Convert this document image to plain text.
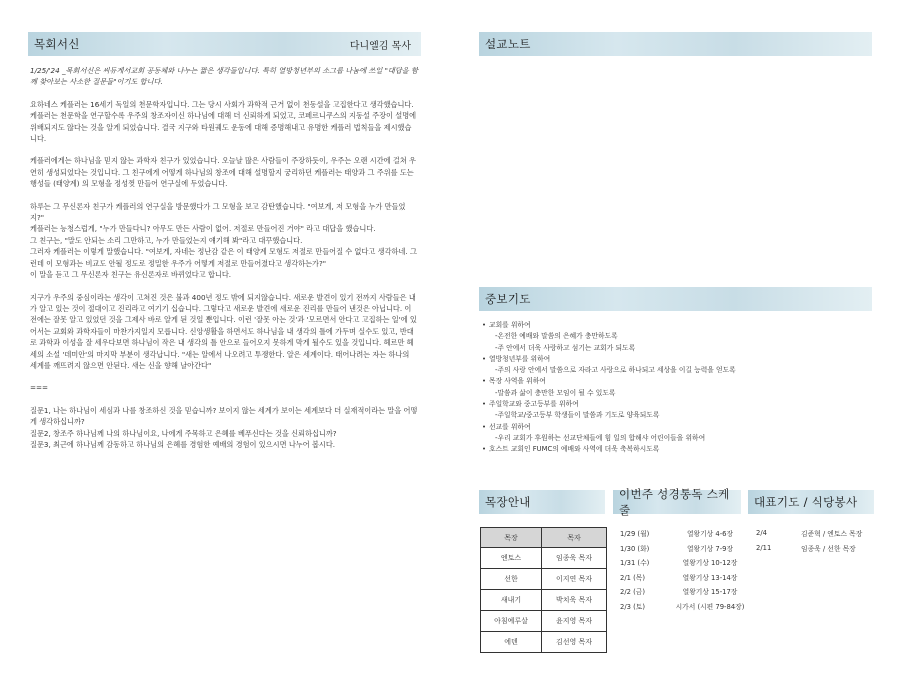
목회서신	다니엘김 목사

1/25/'24 _목회서신은 씨듀게서교회 공동체와 나누는 짧은 생각들입니다. 특히 열방청년부의 소그룹 나눔에 쓰일 "대답을 함께 찾아보는 사소한 질문들"이기도 합니다.

요하네스 케플러는 16세기 독일의 천문학자입니다. 그는 당시 사회가 과학적 근거 없이 천동설을 고집한다고 생각했습니다. 케플러는 천문학을 연구할수록 우주의 창조자이신 하나님에 대해 더 신뢰하게 되었고, 코페르니쿠스의 지동설 주장이 설명에 위배되지도 않다는 것을 알게 되었습니다. 결국 지구와 타원궤도 운동에 대해 증명해내고 유명한 케플러 법칙들을 제시했습니다.

케플러에게는 하나님을 믿지 않는 과학자 친구가 있었습니다. 오늘날 많은 사람들이 주장하듯이, 우주는 오랜 시간에 걸쳐 우연히 생성되었다는 것입니다. 그 친구에게 어떻게 하나님의 창조에 대해 설명할지 궁리하던 케플러는 태양과 그 주위를 도는 행성들 (태양계) 의 모형을 정성껏 만들어 연구실에 두었습니다.

하루는 그 무신론자 친구가 케플러의 연구실을 방문했다가 그 모형을 보고 감탄했습니다. "여보게, 저 모형을 누가 만들었지?"
케플러는 능청스럽게, "누가 만들다니? 아무도 만든 사람이 없어. 저절로 만들어진 거야" 라고 대답을 했습니다.
그 친구는, "말도 안되는 소리 그만하고, 누가 만들었는지 얘기해 봐"라고 대꾸했습니다.
그러자 케플러는 이렇게 말했습니다. "여보게, 자네는 정난감 같은 이 태양계 모형도 저절로 만들어질 수 없다고 생각하네. 그런데 이 모형과는 비교도 안될 정도로 정밀한 우주가 어떻게 저절로 만들어졌다고 생각하는가?"
이 말을 듣고 그 무신론자 친구는 유신론자로 바뀌었다고 합니다.

지구가 우주의 중심이라는 생각이 고쳐진 것은 불과 400년 정도 밖에 되지않습니다. 새로운 발견이 있기 전까지 사람들은 내가 알고 있는 것이 절대이고 진리라고 여기기 십습니다. 그렇다고 새로운 발견에 새로운 진리를 만들어 낸것은 아닙니다. 이전에는 잘못 알고 있었던 것을 그제사 바로 알게 된 것일 뿐입니다. 이런 '잘못 아는 것'과 '모르면서 안다고 고집하는 일'에 있어서는 교회와 과학자들이 마찬가지일지 모릅니다. 신앙생활을 하면서도 하나님을 내 생각의 틀에 가두며 실수도 있고, 반대로 과학과 이성을 잘 세우다보면 하나님이 작은 내 생각의 틀 안으로 들어오지 못하게 막게 될수도 있을 것입니다. 헤르만 헤세의 소설 '데미안'의 마지막 부분이 생각납니다. "새는 알에서 나오려고 투쟁한다. 알은 세계이다. 태어나려는 자는 하나의 세계를 깨뜨려지 않으면 안된다. 새는 신을 향해 날아간다"

===

질문1, 나는 하나님이 세심과 나를 창조하신 것을 믿습니까? 보이지 않는 세계가 보이는 세계보다 더 실재적이라는 말을 어떻게 생각하십니까?
질문2, 창조주 하나님께 나의 하나님이요, 나에게 주목하고 은혜를 베푸신다는 것을 신뢰하십니까?
질문3, 최근에 하나님께 감동하고 하나님의 은혜를 경험한 예배의 경험이 있으시면 나누어 봅시다.

설교노트
중보기도
• 교회를 위하여
-온전한 예배와 말씀의 은혜가 충만하도록
-주 안에서 더욱 사랑하고 섬기는 교회가 되도록
• 열방청년부를 위하여
-주의 사랑 안에서 말씀으로 자라고 사랑으로 하나되고 세상을 이길 능력을 얻도록
• 목장 사역을 위하여
-말씀과 삶이 충만한 모임이 될 수 있도록
• 주일학교와 중고등부를 위하여
-주일학교/중고등부 학생들이 말씀과 기도로 양육되도록
• 선교를 위하여
-우리 교회가 후원하는 선교단체들에 힘 일의 합해샤 어린이들을 위하여
• 호스트 교회인 FUMC의 예배와 사역에 더욱 축복하시도록
목장안내
목장	목자
엔토스	임종욱 목자
선한	이지연 목자
새내기	박치욱 목자
아침예루살	윤지영 목자
에덴	김선영 목자
이번주 성경통독 스케줄
1/29 (월)	열왕기상 4-6장
1/30 (화)	열왕기상 7-9장
1/31 (수)	열왕기상 10-12장
2/1 (목)	열왕기상 13-14장
2/2 (금)	열왕기상 15-17장
2/3 (토)	시가서 (시편 79-84장)
대표기도 / 식당봉사
2/4	김준혁 / 엔토스 목장
2/11	임종욱 / 선한 목장
